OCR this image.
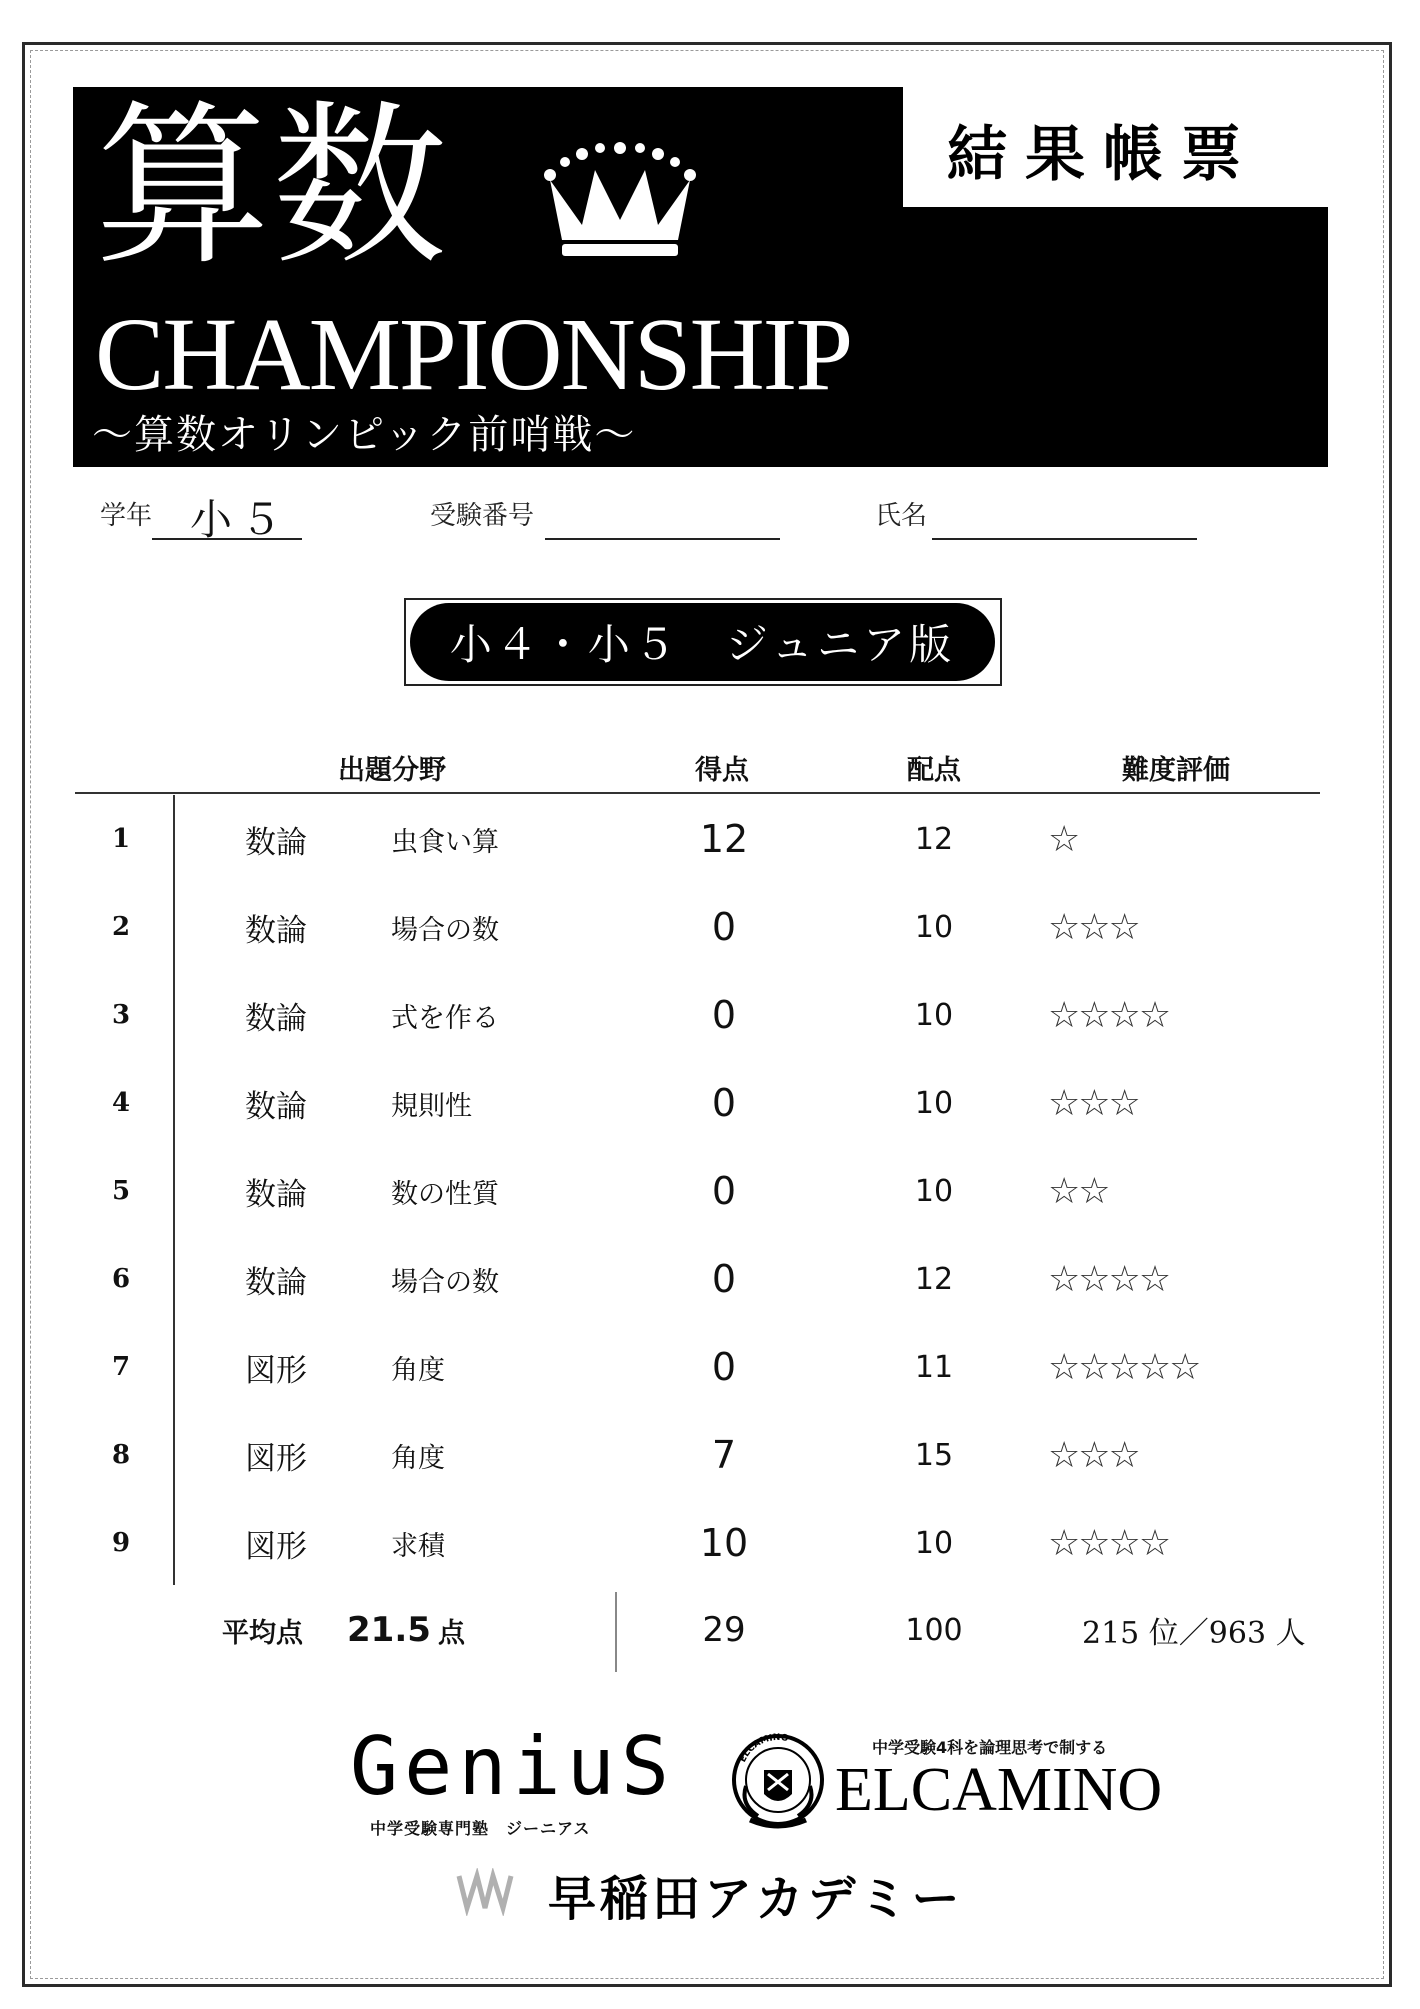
結果帳票
算数
CHAMPIONSHIP
～算数オリンピック前哨戦～
学年 小５	受験番号	氏名
小４・小５　ジュニア版
出題分野	得点	配点	難度評価
1	数論	虫食い算	12	12	☆
2	数論	場合の数	0	10	☆☆☆
3	数論	式を作る	0	10	☆☆☆☆
4	数論	規則性	0	10	☆☆☆
5	数論	数の性質	0	10	☆☆
6	数論	場合の数	0	12	☆☆☆☆
7	図形	角度	0	11	☆☆☆☆☆
8	図形	角度	7	15	☆☆☆
9	図形	求積	10	10	☆☆☆☆
平均点 21.5 点	29	100	215 位／963 人
GeniuS
中学受験専門塾　ジーニアス
ELCAMINO	中学受験4科を論理思考で制する
ELCAMINO
早稲田アカデミー
